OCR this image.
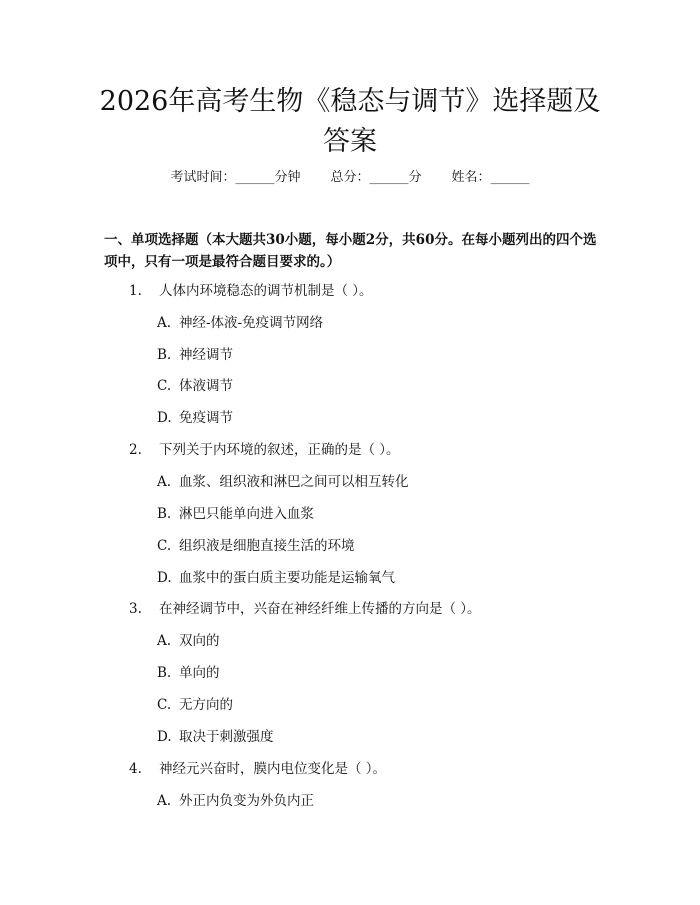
2026年高考生物《稳态与调节》选择题及答案
考试时间：______分钟 总分：______分 姓名：______
一、单项选择题（本大题共30小题，每小题2分，共60分。在每小题列出的四个选项中，只有一项是最符合题目要求的。）
1. 人体内环境稳态的调节机制是（ ）。
A. 神经-体液-免疫调节网络
B. 神经调节
C. 体液调节
D. 免疫调节
2. 下列关于内环境的叙述，正确的是（ ）。
A. 血浆、组织液和淋巴之间可以相互转化
B. 淋巴只能单向进入血浆
C. 组织液是细胞直接生活的环境
D. 血浆中的蛋白质主要功能是运输氧气
3. 在神经调节中，兴奋在神经纤维上传播的方向是（ ）。
A. 双向的
B. 单向的
C. 无方向的
D. 取决于刺激强度
4. 神经元兴奋时，膜内电位变化是（ ）。
A. 外正内负变为外负内正
